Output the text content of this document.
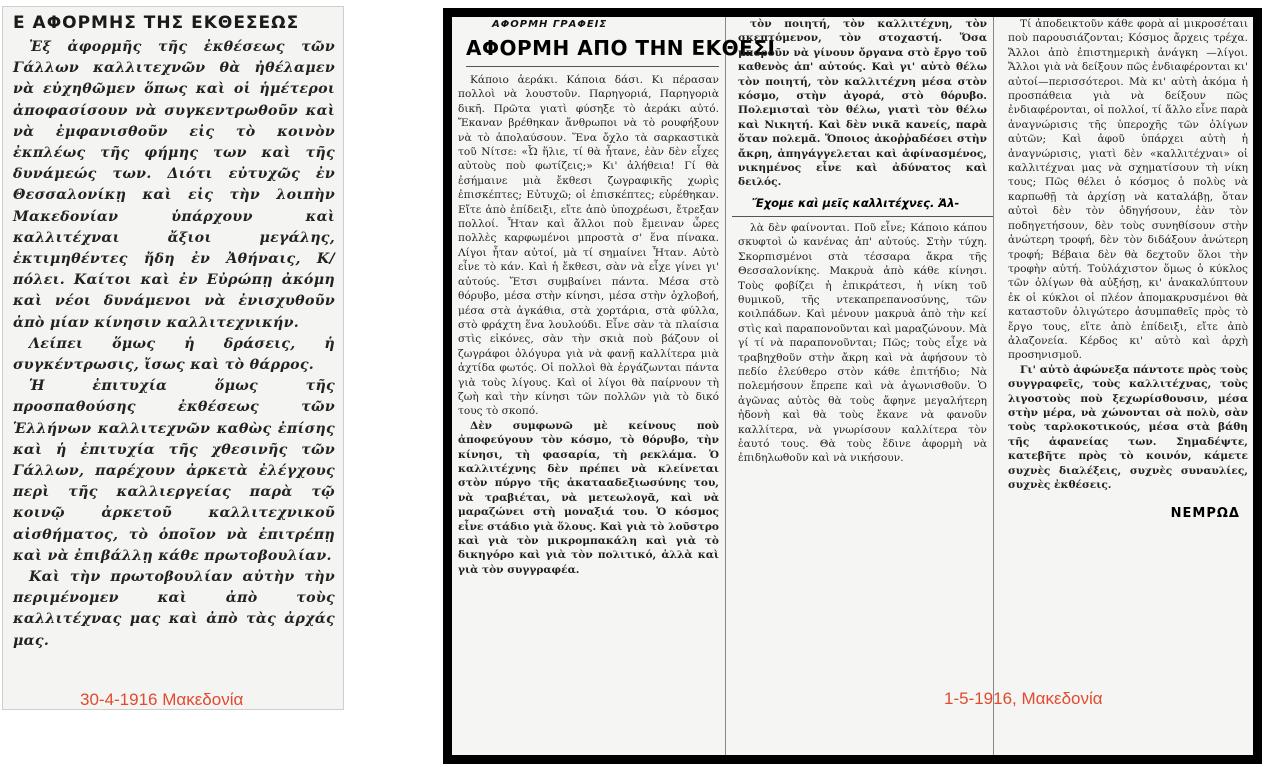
Ε ΑΦΟΡΜΗΣ ΤΗΣ ΕΚΘΕΣΕΩΣ

Ἐξ ἀφορμῆς τῆς ἐκθέσεως τῶν Γάλλων καλλιτεχνῶν θὰ ἠθέλαμεν νὰ εὐχηθῶμεν ὅπως καὶ οἱ ἡμέτεροι ἀποφασίσουν νὰ συγκεντρωθοῦν καὶ νὰ ἐμφανισθοῦν εἰς τὸ κοινὸν ἐκπλέως τῆς φήμης των καὶ τῆς δυνάμεώς των. Διότι εὐτυχῶς ἐν Θεσσαλονίκῃ καὶ εἰς τὴν λοιπὴν Μακεδονίαν ὑπάρχουν καὶ καλλιτέχναι ἄξιοι μεγάλης, ἐκτιμηθέντες ἤδη ἐν Ἀθήναις, Κ/πόλει. Καίτοι καὶ ἐν Εὐρώπῃ ἀκόμη καὶ νέοι δυνάμενοι νὰ ἐνισχυθοῦν ἀπὸ μίαν κίνησιν καλλιτεχνικήν.

Λείπει ὅμως ἡ δράσεις, ἡ συγκέντρωσις, ἴσως καὶ τὸ θάρρος.

Ἡ ἐπιτυχία ὅμως τῆς προσπαθούσης ἐκθέσεως τῶν Ἑλλήνων καλλιτεχνῶν καθὼς ἐπίσης καὶ ἡ ἐπιτυχία τῆς χθεσινῆς τῶν Γάλλων, παρέχουν ἀρκετὰ ἐλέγχους περὶ τῆς καλλιεργείας παρὰ τῷ κοινῷ ἀρκετοῦ καλλιτεχνικοῦ αἰσθήματος, τὸ ὁποῖον νὰ ἐπιτρέπῃ καὶ νὰ ἐπιβάλλῃ κάθε πρωτοβουλίαν.

Καὶ τὴν πρωτοβουλίαν αὐτὴν τὴν περιμένομεν καὶ ἀπὸ τοὺς καλλιτέχνας μας καὶ ἀπὸ τὰς ἀρχάς μας.

30-4-1916 Μακεδονία
ΑΦΟΡΜΗ ΓΡΑΦΕΙΣ
ΑΦΟΡΜΗ ΑΠΟ ΤΗΝ ΕΚΘΕΣΙ

Κάποιο ἀεράκι. Κάποια δάσι. Κι πέρασαν πολλοὶ νὰ λουστοῦν. Παρηγοριά, Παρηγοριὰ δικῆ. Πρῶτα γιατὶ φύσηξε τὸ ἀεράκι αὐτό. Ἔκαναν βρέθηκαν ἄνθρωποι νὰ τὸ ρουφήξουν νὰ τὸ ἀπολαύσουν. Ἕνα ὄχλο τὰ σαρκαστικὰ τοῦ Νίτσε: «Ὦ ἥλιε, τί θὰ ἦτανε, ἐὰν δὲν εἶχες αὐτοὺς ποὺ φωτίζεις;» Κι' ἀλήθεια! Γί θὰ ἐσήμαινε μιὰ ἔκθεσι ζωγραφικῆς χωρὶς ἐπισκέπτες; Εὐτυχῶ; οἱ ἐπισκέπτες; εὑρέθηκαν. Εἴτε ἀπὸ ἐπίδειξι, εἴτε ἀπὸ ὑποχρέωσι, ἔτρεξαν πολλοί. Ἦταν καὶ ἄλλοι ποὺ ἔμειναν ὧρες πολλὲς καρφωμένοι μπροστὰ σ' ἕνα πίνακα. Λίγοι ἦταν αὐτοί, μὰ τί σημαίνει Ἦταν. Αὐτὸ εἶνε τὸ κάν. Καὶ ἡ ἔκθεσι, σὰν νὰ εἶχε γίνει γι' αὐτούς. Ἔτσι συμβαίνει πάντα. Μέσα στὸ θόρυβο, μέσα στὴν κίνησι, μέσα στὴν ὀχλοβοή, μέσα στὰ ἀγκάθια, στὰ χορτάρια, στὰ φύλλα, στὸ φράχτη ἕνα λουλούδι. Εἶνε σὰν τὰ πλαίσια στὶς εἰκόνες, σὰν τὴν σκιὰ ποὺ βάζουν οἱ ζωγράφοι ὀλόγυρα γιὰ νὰ φανῇ καλλίτερα μιὰ ἀχτίδα φωτός. Οἱ πολλοὶ θὰ ἐργάζωνται πάντα γιὰ τοὺς λίγους. Καὶ οἱ λίγοι θὰ παίρνουν τὴ ζωὴ καὶ τὴν κίνησι τῶν πολλῶν γιὰ τὸ δικό τους τὸ σκοπό.

Δὲν συμφωνῶ μὲ κείνους ποὺ ἀποφεύγουν τὸν κόσμο, τὸ θόρυβο, τὴν κίνησι, τὴ φασαρία, τὴ ρεκλάμα. Ὁ καλλιτέχνης δὲν πρέπει νὰ κλείνεται στὸν πύργο τῆς ἀκατααδεξιωσύνης του, νὰ τραβιέται, νὰ μετεωλογᾶ, καὶ νὰ μαραζώνει στὴ μοναξιά του. Ὁ κόσμος εἶνε στάδιο γιὰ ὅλους. Καὶ γιὰ τὸ λοῦστρο καὶ γιὰ τὸν μικρομπακάλη καὶ γιὰ τὸ δικηγόρο καὶ γιὰ τὸν πολιτικό, ἀλλὰ καὶ γιὰ τὸν συγγραφέα.

τὸν ποιητή, τὸν καλλιτέχνη, τὸν σκεπτόμενον, τὸν στοχαστή. Ὅσα μποροῦν νὰ γίνουν ὄργανα στὸ ἔργο τοῦ καθενὸς ἀπ' αὐτούς. Καὶ γι' αὐτὸ θέλω τὸν ποιητή, τὸν καλλιτέχνη μέσα στὸν κόσμο, στὴν ἀγορά, στὸ θόρυβο. Πολεμισταὶ τὸν θέλω, γιατὶ τὸν θέλω καὶ Νικητή. Καὶ δὲν νικᾶ κανείς, παρὰ ὅταν πολεμᾶ. Ὅποιος ἀκοῤῥαδέσει στὴν ἄκρη, ἀπηγάγγελεται καὶ ἀφίνασμένος, νικημένος εἶνε καὶ ἀδύνατος καὶ δειλός.

Ἔχομε καὶ μεῖς καλλιτέχνες. Ἀλ-

λὰ δὲν φαίνονται. Ποῦ εἶνε; Κάποιο κάπου σκυφτοὶ ὡ κανένας ἀπ' αὐτούς. Στὴν τύχη. Σκορπισμένοι στὰ τέσσαρα ἄκρα τῆς Θεσσαλονίκης. Μακρυὰ ἀπὸ κάθε κίνησι. Τοὺς φοβίζει ἡ ἐπικράτεσι, ἡ νίκη τοῦ θυμικοῦ, τῆς ντεκαπρεπανοσύνης, τῶν κοιλπάδων. Καὶ μένουν μακρυὰ ἀπὸ τὴν κεί στὶς καὶ παραπονοῦνται καὶ μαραζώνουν. Μὰ γί τί νὰ παραπονοῦνται; Πῶς; τοὺς εἶχε νὰ τραβηχθοῦν στὴν ἄκρη καὶ νὰ ἀφήσουν τὸ πεδίο ἐλεύθερο στὸν κάθε ἐπιτήδιο; Νὰ πολεμήσουν ἔπρεπε καὶ νὰ ἀγωνισθοῦν. Ὁ ἀγῶνας αὐτὸς θὰ τοὺς ἄφηνε μεγαλήτερη ἡδονὴ καὶ θὰ τοὺς ἔκανε νὰ φανοῦν καλλίτερα, νὰ γνωρίσουν καλλίτερα τὸν ἑαυτό τους. Θὰ τοὺς ἔδινε ἀφορμὴ νὰ ἐπιδηλωθοῦν καὶ νὰ νικήσουν.

Τί ἀποδεικτοῦν κάθε φορὰ αἱ μικροσέταιι ποὺ παρουσιάζονται; Κόσμος ἄρχεις τρέχα. Ἄλλοι ἀπὸ ἐπιστημερικὴ ἀνάγκη —λίγοι. Ἄλλοι γιὰ νὰ δείξουν πῶς ἐνδιαφέρονται κι' αὐτοί—περισσότεροι. Μὰ κι' αὐτὴ ἀκόμα ἡ προσπάθεια γιὰ νὰ δείξουν πῶς ἐνδιαφέρονται, οἱ πολλοί, τί ἄλλο εἶνε παρὰ ἀναγνώρισις τῆς ὑπεροχῆς τῶν ὀλίγων αὐτῶν; Καὶ ἀφοῦ ὑπάρχει αὐτὴ ἡ ἀναγνώρισις, γιατὶ δὲν «καλλιτέχναι» οἱ καλλιτέχναι μας νὰ σχηματίσουν τὴ νίκη τους; Πῶς θέλει ὁ κόσμος ὁ πολὺς νὰ καρπωθῇ τὰ ἀρχίσῃ νὰ καταλάβῃ, ὅταν αὐτοὶ δὲν τὸν ὁδηγήσουν, ἐὰν τὸν ποδηγετήσουν, δὲν τοὺς συνηθίσουν στὴν ἀνώτερη τροφή, δὲν τὸν διδάξουν ἀνώτερη τροφή; Βέβαια δὲν θὰ δεχτοῦν ὅλοι τὴν τροφὴν αὐτή. Τοὐλάχιστον ὅμως ὁ κύκλος τῶν ὀλίγων θὰ αὐξήσῃ, κι' ἀνακαλύπτουν ἐκ οἱ κύκλοι οἱ πλέον ἀπομακρυσμένοι θὰ καταστοῦν ὀλιγώτερο ἀσυμπαθεῖς πρὸς τὸ ἔργο τους, εἴτε ἀπὸ ἐπίδειξι, εἴτε ἀπὸ ἀλαζονεία. Κέρδος κι' αὐτὸ καὶ ἀρχὴ προσηνισμοῦ.

Γι' αὐτὸ ἀφώνεξα πάντοτε πρὸς τοὺς συγγραφεῖς, τοὺς καλλιτέχνας, τοὺς λιγοστοὺς ποὺ ξεχωρίσθουσιν, μέσα στὴν μέρα, νὰ χώνονται σὰ πολὺ, σὰν τοὺς ταρλοκοτικούς, μέσα στὰ βάθη τῆς ἀφανείας των. Σημαδέψτε, κατεβῆτε πρὸς τὸ κοινόν, κάμετε συχνὲς διαλέξεις, συχνὲς συναυλίες, συχνὲς ἐκθέσεις.

ΝΕΜΡΩΔ
1-5-1916, Μακεδονία
